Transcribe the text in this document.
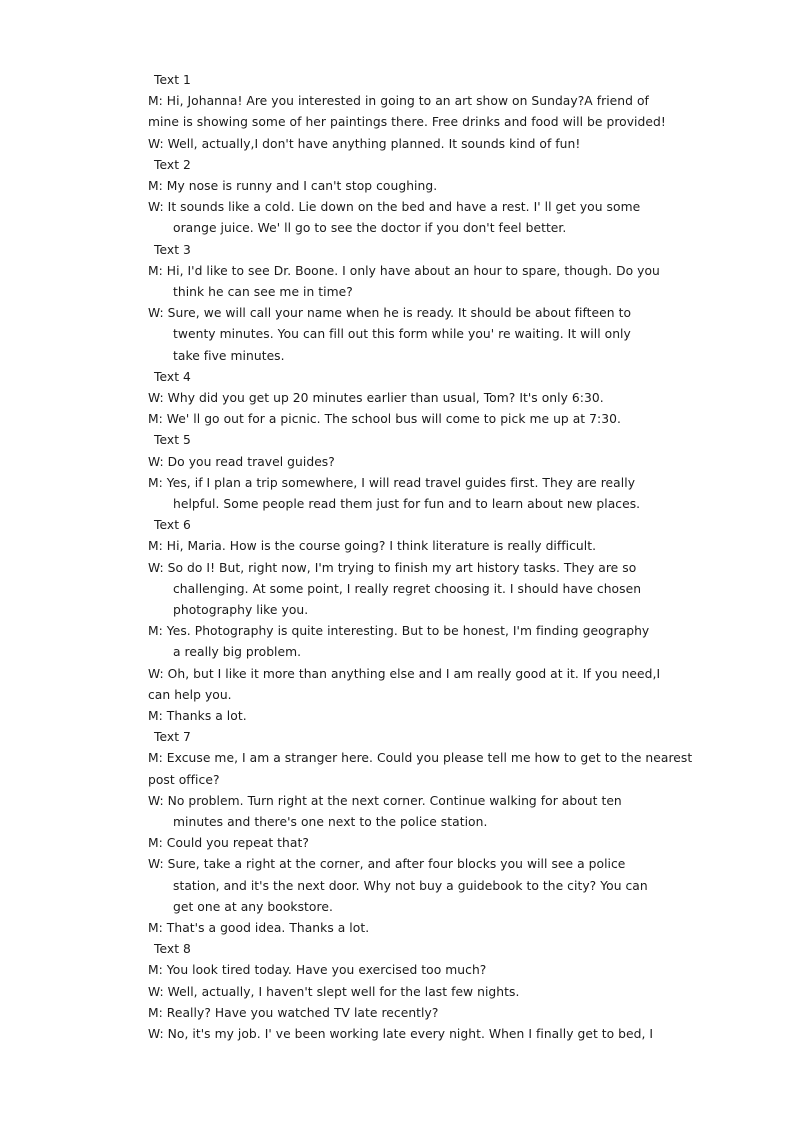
Text 1
M: Hi, Johanna! Are you interested in going to an art show on Sunday?A friend of
mine is showing some of her paintings there. Free drinks and food will be provided!
W: Well, actually,I don't have anything planned. It sounds kind of fun!
Text 2
M: My nose is runny and I can't stop coughing.
W: It sounds like a cold. Lie down on the bed and have a rest. I' ll get you some
orange juice. We' ll go to see the doctor if you don't feel better.
Text 3
M: Hi, I'd like to see Dr. Boone. I only have about an hour to spare, though. Do you
think he can see me in time?
W: Sure, we will call your name when he is ready. It should be about fifteen to
twenty minutes. You can fill out this form while you' re waiting. It will only
take five minutes.
Text 4
W: Why did you get up 20 minutes earlier than usual, Tom? It's only 6:30.
M: We' ll go out for a picnic. The school bus will come to pick me up at 7:30.
Text 5
W: Do you read travel guides?
M: Yes, if I plan a trip somewhere, I will read travel guides first. They are really
helpful. Some people read them just for fun and to learn about new places.
Text 6
M: Hi, Maria. How is the course going? I think literature is really difficult.
W: So do I! But, right now, I'm trying to finish my art history tasks. They are so
challenging. At some point, I really regret choosing it. I should have chosen
photography like you.
M: Yes. Photography is quite interesting. But to be honest, I'm finding geography
a really big problem.
W: Oh, but I like it more than anything else and I am really good at it. If you need,I
can help you.
M: Thanks a lot.
Text 7
M: Excuse me, I am a stranger here. Could you please tell me how to get to the nearest
post office?
W: No problem. Turn right at the next corner. Continue walking for about ten
minutes and there's one next to the police station.
M: Could you repeat that?
W: Sure, take a right at the corner, and after four blocks you will see a police
station, and it's the next door. Why not buy a guidebook to the city? You can
get one at any bookstore.
M: That's a good idea. Thanks a lot.
Text 8
M: You look tired today. Have you exercised too much?
W: Well, actually, I haven't slept well for the last few nights.
M: Really? Have you watched TV late recently?
W: No, it's my job. I' ve been working late every night. When I finally get to bed, I
